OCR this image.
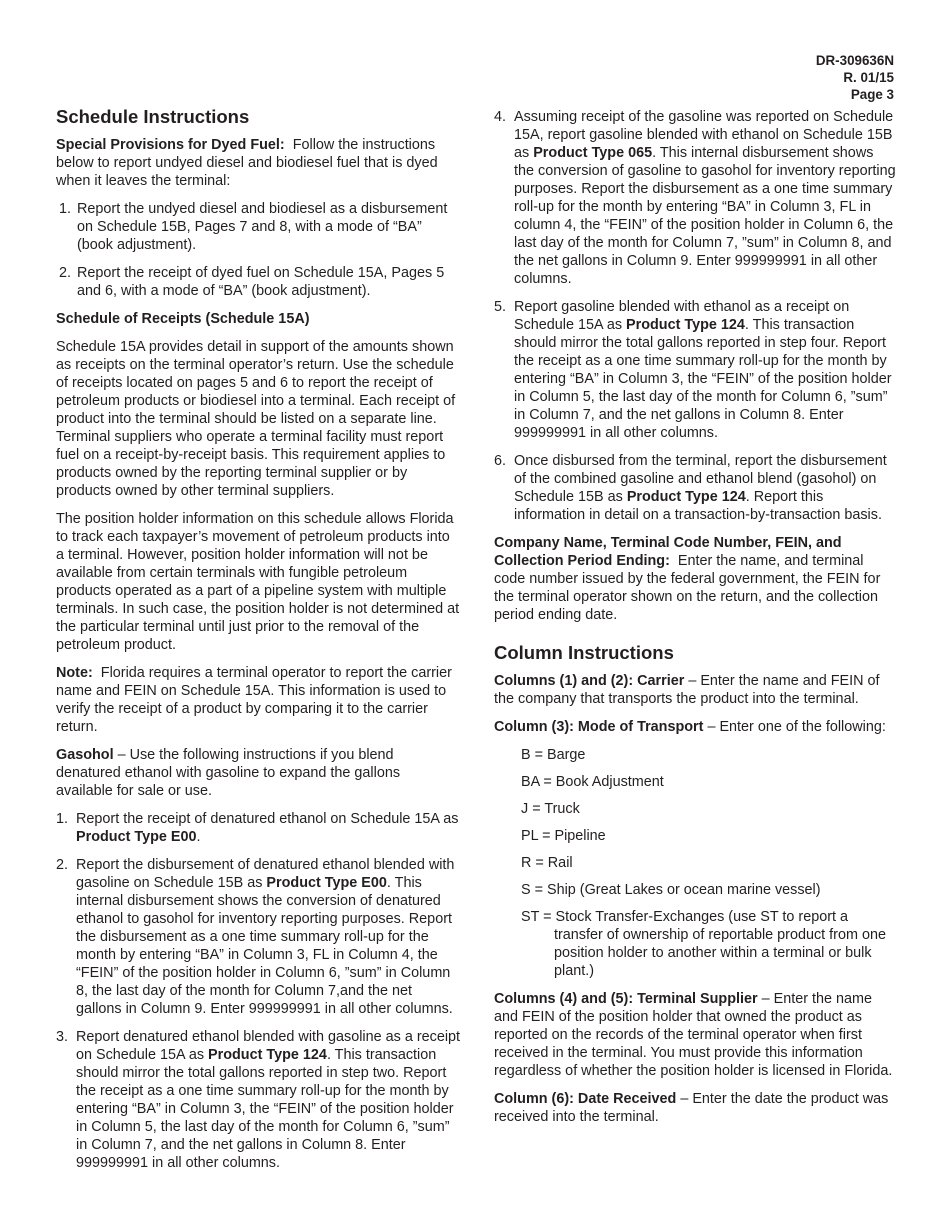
DR-309636N
R. 01/15
Page 3
Schedule Instructions

Special Provisions for Dyed Fuel: Follow the instructions below to report undyed diesel and biodiesel fuel that is dyed when it leaves the terminal:

1. Report the undyed diesel and biodiesel as a disbursement on Schedule 15B, Pages 7 and 8, with a mode of “BA” (book adjustment).
2. Report the receipt of dyed fuel on Schedule 15A, Pages 5 and 6, with a mode of “BA” (book adjustment).

Schedule of Receipts (Schedule 15A)

Schedule 15A provides detail in support of the amounts shown as receipts on the terminal operator’s return. Use the schedule of receipts located on pages 5 and 6 to report the receipt of petroleum products or biodiesel into a terminal. Each receipt of product into the terminal should be listed on a separate line. Terminal suppliers who operate a terminal facility must report fuel on a receipt-by-receipt basis. This requirement applies to products owned by the reporting terminal supplier or by products owned by other terminal suppliers.

The position holder information on this schedule allows Florida to track each taxpayer’s movement of petroleum products into a terminal. However, position holder information will not be available from certain terminals with fungible petroleum products operated as a part of a pipeline system with multiple terminals. In such case, the position holder is not determined at the particular terminal until just prior to the removal of the petroleum product.

Note: Florida requires a terminal operator to report the carrier name and FEIN on Schedule 15A. This information is used to verify the receipt of a product by comparing it to the carrier return.

Gasohol – Use the following instructions if you blend denatured ethanol with gasoline to expand the gallons available for sale or use.

1. Report the receipt of denatured ethanol on Schedule 15A as Product Type E00.
2. Report the disbursement of denatured ethanol blended with gasoline on Schedule 15B as Product Type E00. This internal disbursement shows the conversion of denatured ethanol to gasohol for inventory reporting purposes. Report the disbursement as a one time summary roll-up for the month by entering “BA” in Column 3, FL in Column 4, the “FEIN” of the position holder in Column 6, ”sum” in Column 8, the last day of the month for Column 7,and the net gallons in Column 9. Enter 999999991 in all other columns.
3. Report denatured ethanol blended with gasoline as a receipt on Schedule 15A as Product Type 124. This transaction should mirror the total gallons reported in step two. Report the receipt as a one time summary roll-up for the month by entering “BA” in Column 3, the “FEIN” of the position holder in Column 5, the last day of the month for Column 6, ”sum” in Column 7, and the net gallons in Column 8. Enter 999999991 in all other columns.
4. Assuming receipt of the gasoline was reported on Schedule 15A, report gasoline blended with ethanol on Schedule 15B as Product Type 065. This internal disbursement shows the conversion of gasoline to gasohol for inventory reporting purposes. Report the disbursement as a one time summary roll-up for the month by entering “BA” in Column 3, FL in column 4, the “FEIN” of the position holder in Column 6, the last day of the month for Column 7, ”sum” in Column 8, and the net gallons in Column 9. Enter 999999991 in all other columns.
5. Report gasoline blended with ethanol as a receipt on Schedule 15A as Product Type 124. This transaction should mirror the total gallons reported in step four. Report the receipt as a one time summary roll-up for the month by entering “BA” in Column 3, the “FEIN” of the position holder in Column 5, the last day of the month for Column 6, ”sum” in Column 7, and the net gallons in Column 8. Enter 999999991 in all other columns.
6. Once disbursed from the terminal, report the disbursement of the combined gasoline and ethanol blend (gasohol) on Schedule 15B as Product Type 124. Report this information in detail on a transaction-by-transaction basis.

Company Name, Terminal Code Number, FEIN, and Collection Period Ending: Enter the name, and terminal code number issued by the federal government, the FEIN for the terminal operator shown on the return, and the collection period ending date.

Column Instructions

Columns (1) and (2): Carrier – Enter the name and FEIN of the company that transports the product into the terminal.

Column (3): Mode of Transport – Enter one of the following:

B = Barge
BA = Book Adjustment
J = Truck
PL = Pipeline
R = Rail
S = Ship (Great Lakes or ocean marine vessel)
ST = Stock Transfer-Exchanges (use ST to report a transfer of ownership of reportable product from one position holder to another within a terminal or bulk plant.)

Columns (4) and (5): Terminal Supplier – Enter the name and FEIN of the position holder that owned the product as reported on the records of the terminal operator when first received in the terminal. You must provide this information regardless of whether the position holder is licensed in Florida.

Column (6): Date Received – Enter the date the product was received into the terminal.
